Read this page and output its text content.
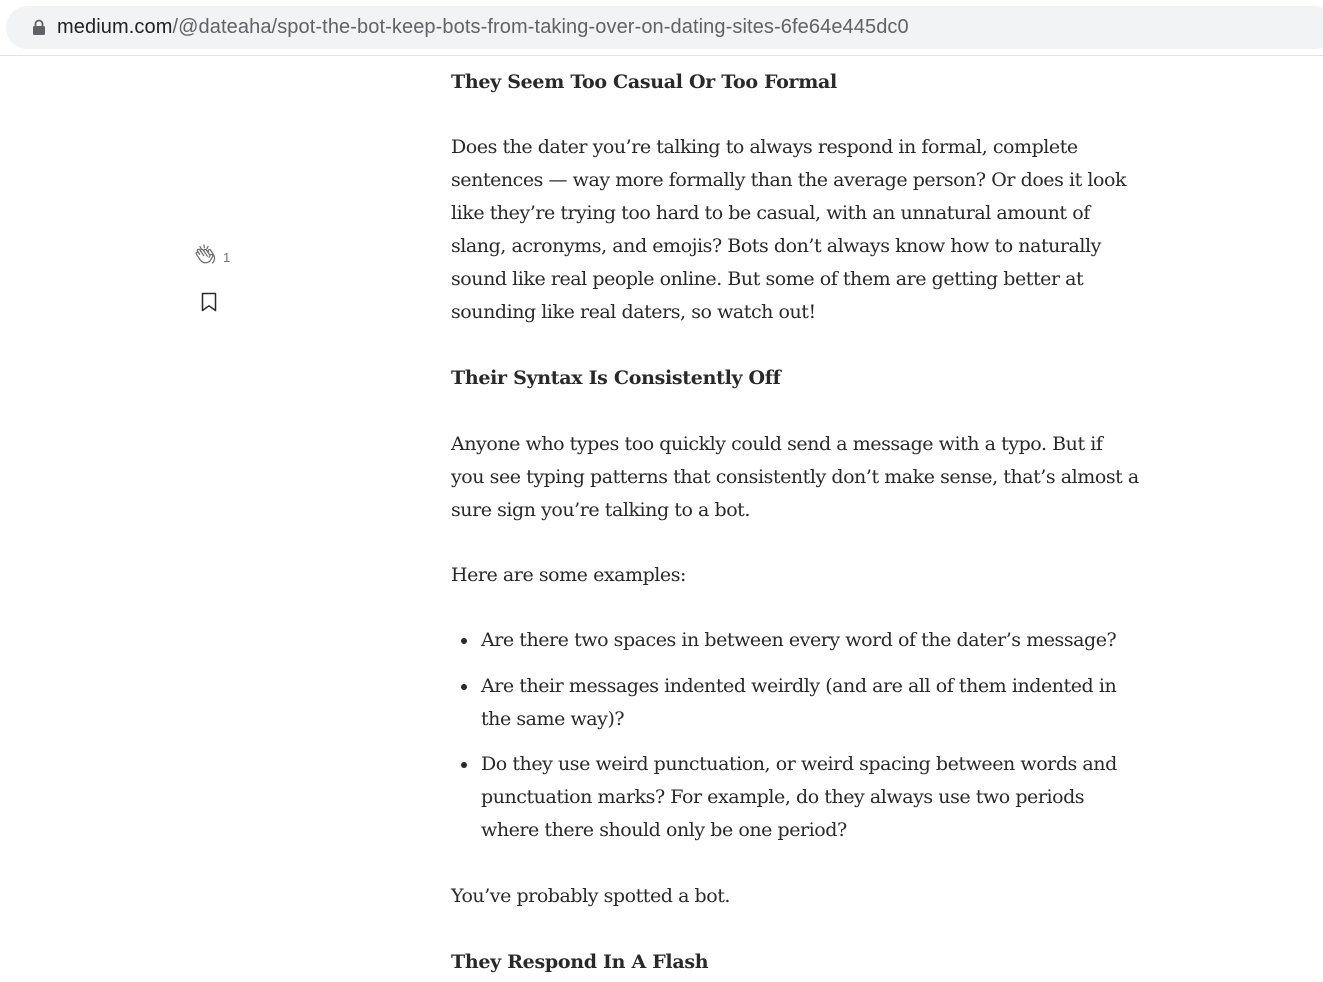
medium.com/@dateaha/spot-the-bot-keep-bots-from-taking-over-on-dating-sites-6fe64e445dc0
1
They Seem Too Casual Or Too Formal

Does the dater you’re talking to always respond in formal, complete sentences — way more formally than the average person? Or does it look like they’re trying too hard to be casual, with an unnatural amount of slang, acronyms, and emojis? Bots don’t always know how to naturally sound like real people online. But some of them are getting better at sounding like real daters, so watch out!

Their Syntax Is Consistently Off

Anyone who types too quickly could send a message with a typo. But if you see typing patterns that consistently don’t make sense, that’s almost a sure sign you’re talking to a bot.

Here are some examples:

Are there two spaces in between every word of the dater’s message?
Are their messages indented weirdly (and are all of them indented in the same way)?
Do they use weird punctuation, or weird spacing between words and punctuation marks? For example, do they always use two periods where there should only be one period?

You’ve probably spotted a bot.

They Respond In A Flash
